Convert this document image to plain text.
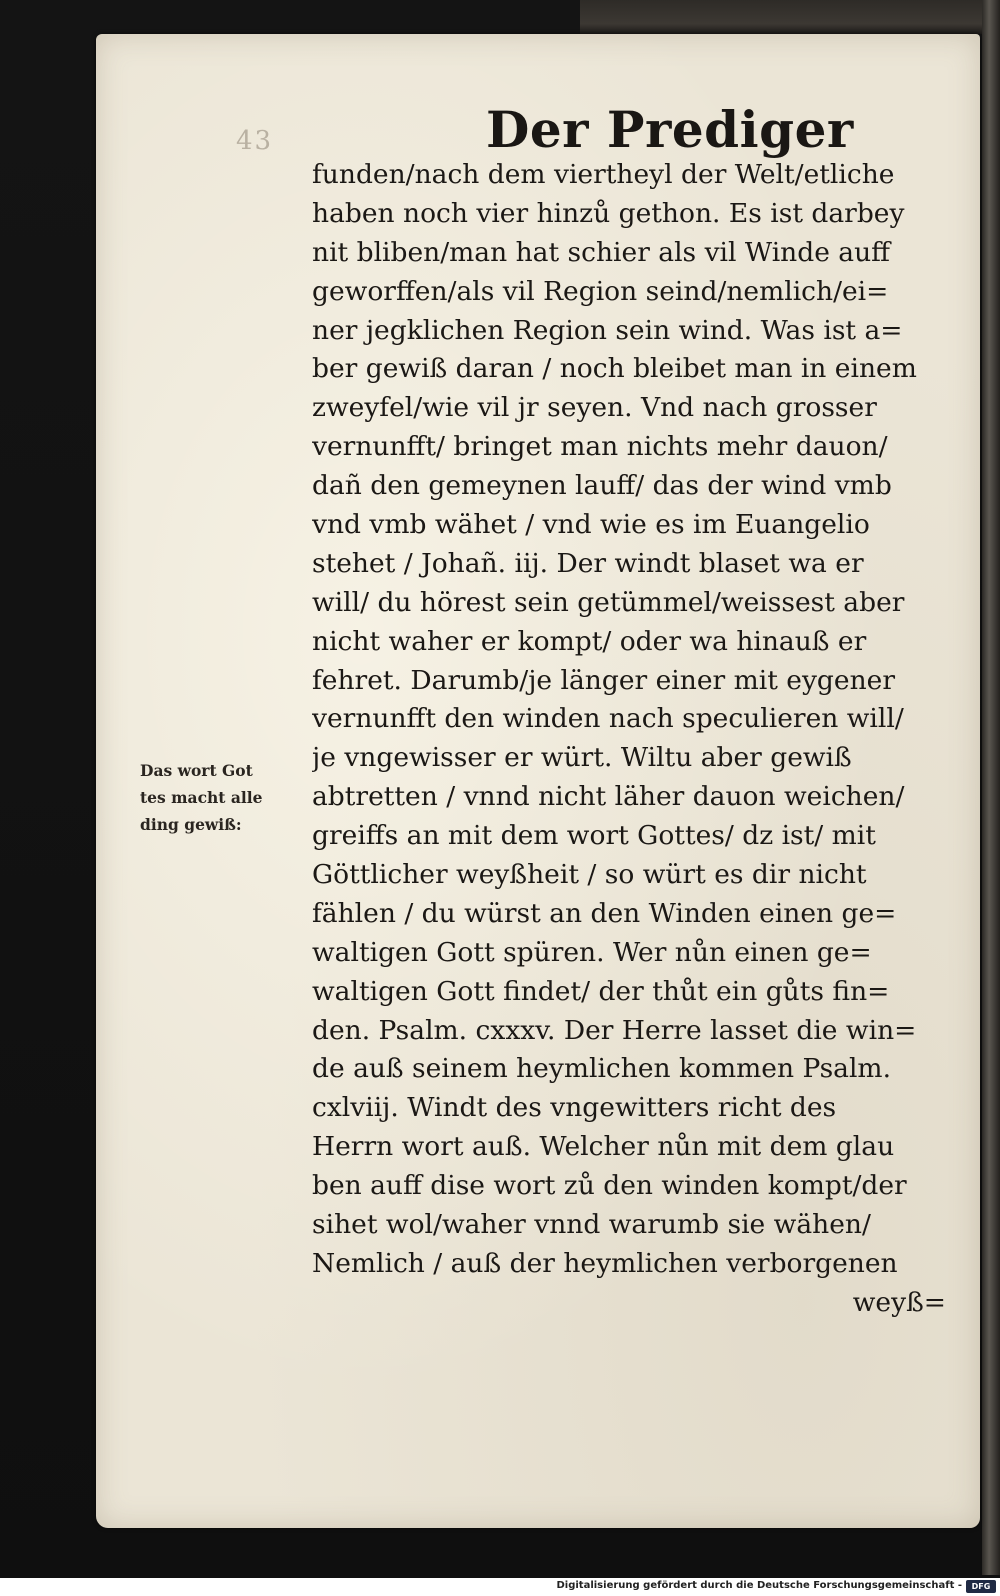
43	Der Prediger
Das wort Got
tes macht alle
ding gewiß:
funden/nach dem viertheyl der Welt/etliche
haben noch vier hinzů gethon. Es ist darbey
nit bliben/man hat schier als vil Winde auff
geworffen/als vil Region seind/nemlich/ei=
ner jegklichen Region sein wind. Was ist a=
ber gewiß daran / noch bleibet man in einem
zweyfel/wie vil jr seyen. Vnd nach grosser
vernunfft/ bringet man nichts mehr dauon/
dañ den gemeynen lauff/ das der wind vmb
vnd vmb wähet / vnd wie es im Euangelio
stehet / Johañ. iij. Der windt blaset wa er
will/ du hörest sein getümmel/weissest aber
nicht waher er kompt/ oder wa hinauß er
fehret. Darumb/je länger einer mit eygener
vernunfft den winden nach speculieren will/
je vngewisser er würt. Wiltu aber gewiß
abtretten / vnnd nicht läher dauon weichen/
greiffs an mit dem wort Gottes/ dz ist/ mit
Göttlicher weyßheit / so würt es dir nicht
fählen / du würst an den Winden einen ge=
waltigen Gott spüren. Wer nůn einen ge=
waltigen Gott findet/ der thůt ein gůts fin=
den. Psalm. cxxxv. Der Herre lasset die win=
de auß seinem heymlichen kommen Psalm.
cxlviij. Windt des vngewitters richt des
Herrn wort auß. Welcher nůn mit dem glau
ben auff dise wort zů den winden kompt/der
sihet wol/waher vnnd warumb sie wähen/
Nemlich / auß der heymlichen verborgenen
weyß=
Digitalisierung gefördert durch die Deutsche Forschungsgemeinschaft -	DFG
